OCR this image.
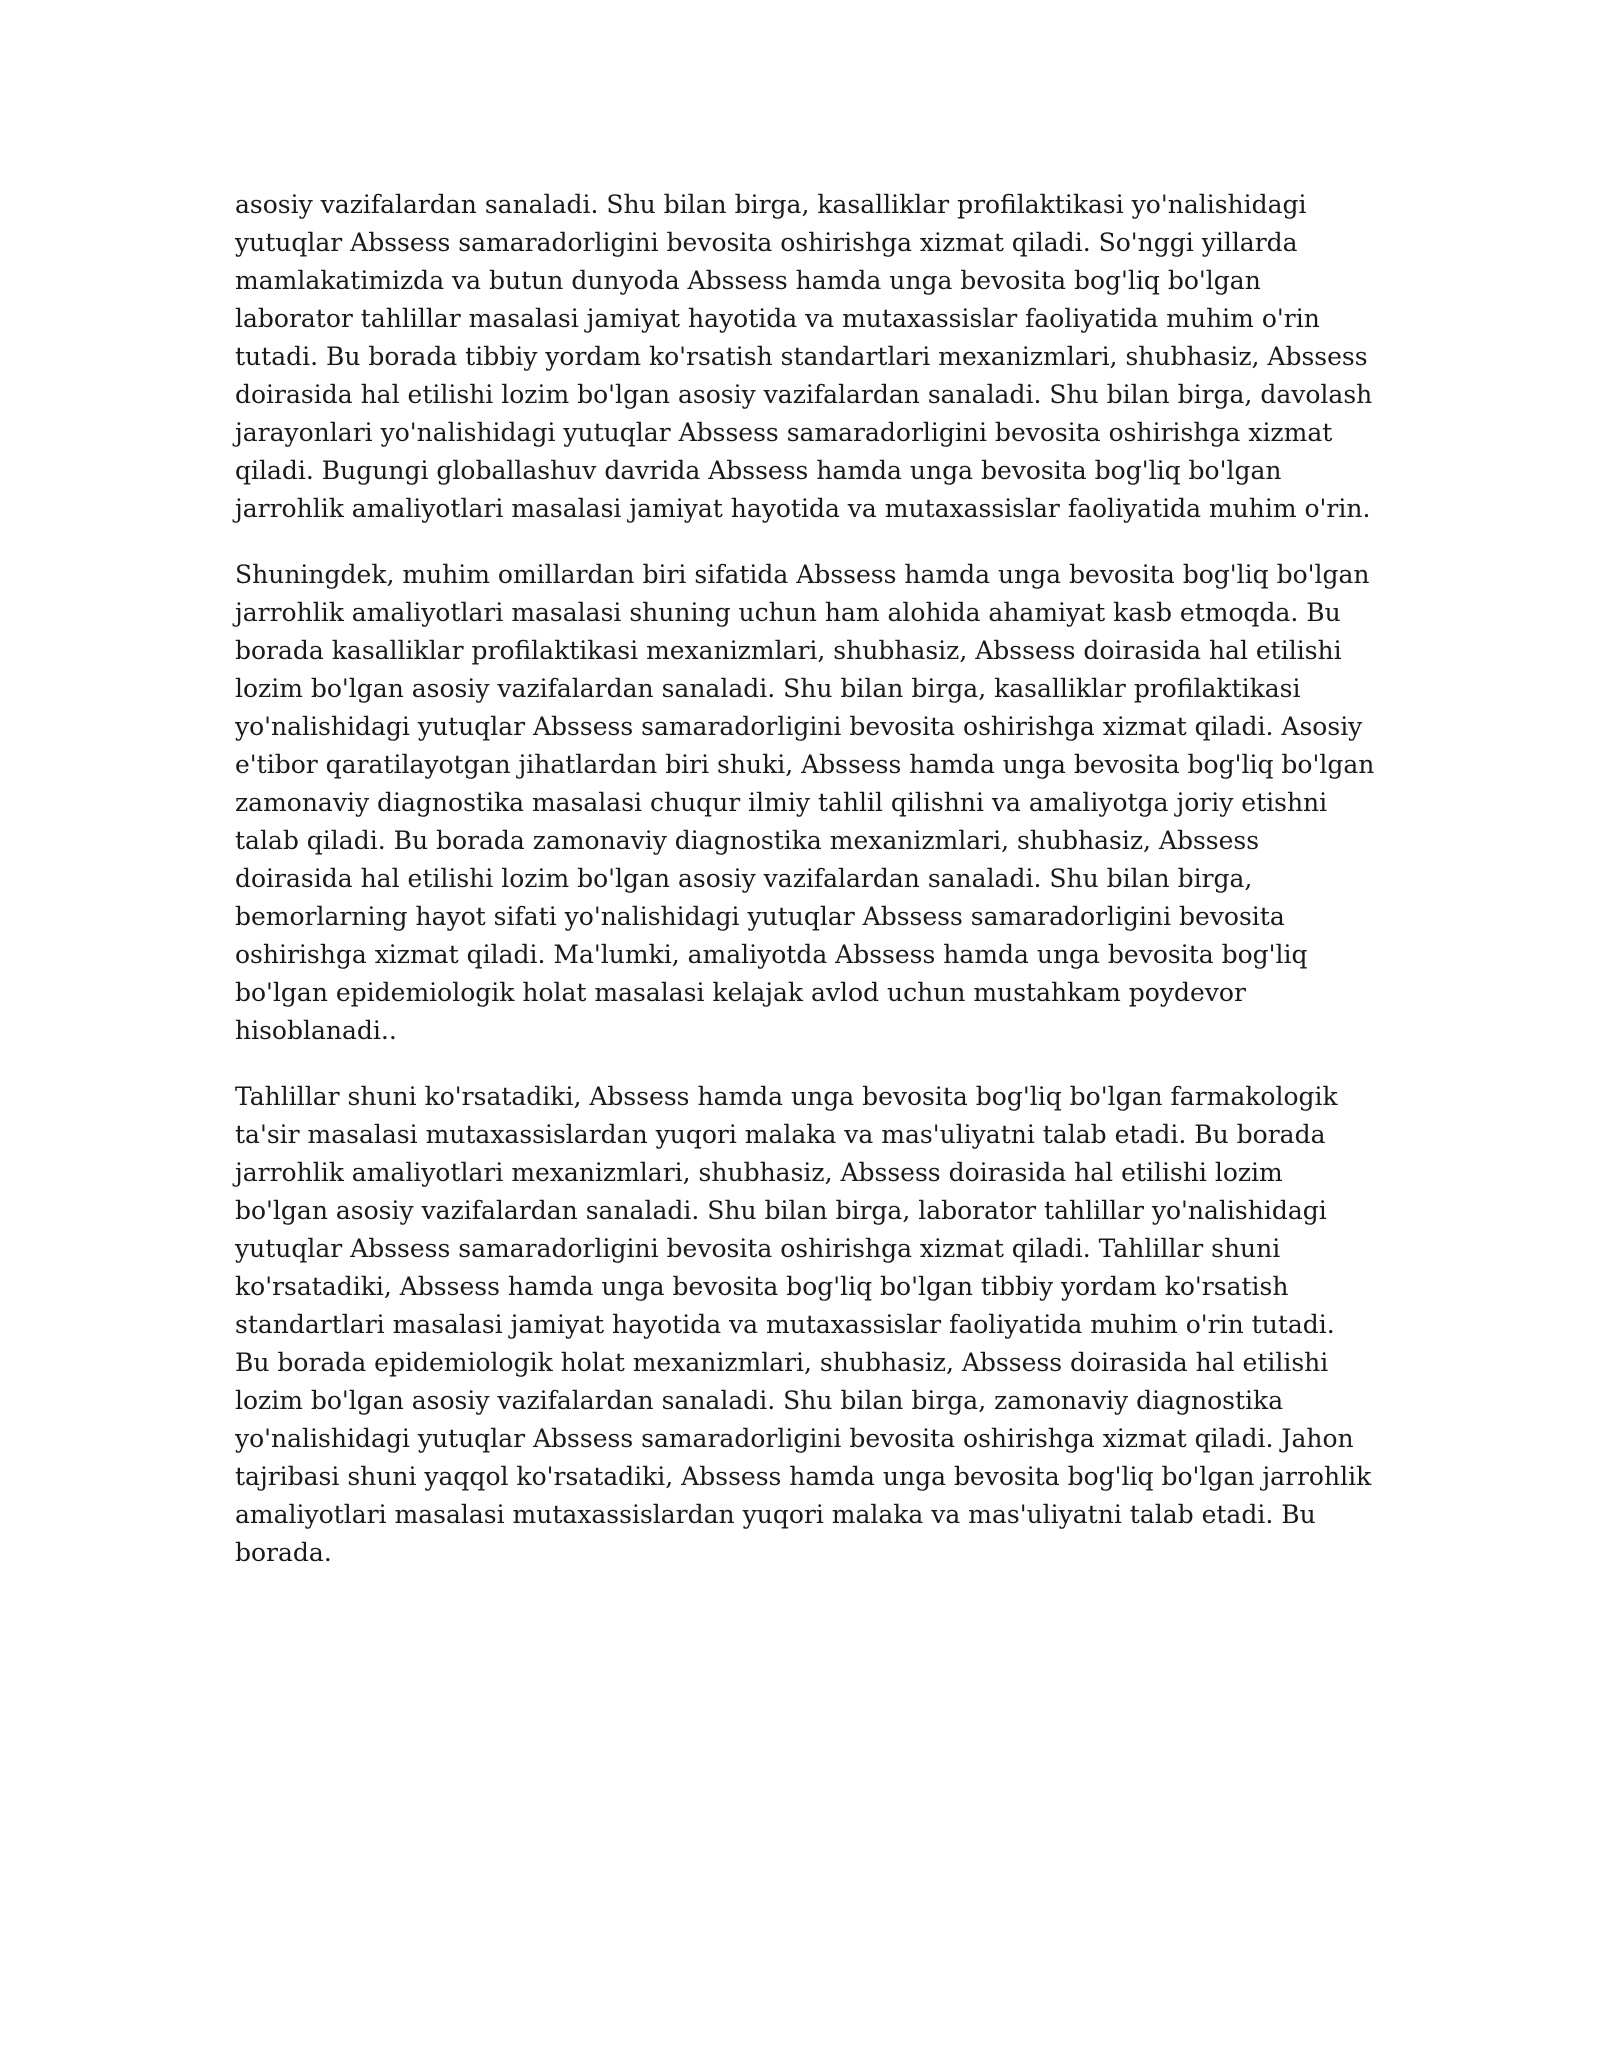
asosiy vazifalardan sanaladi. Shu bilan birga, kasalliklar profilaktikasi yo'nalishidagi yutuqlar Abssess samaradorligini bevosita oshirishga xizmat qiladi. So'nggi yillarda mamlakatimizda va butun dunyoda Abssess hamda unga bevosita bog'liq bo'lgan laborator tahlillar masalasi jamiyat hayotida va mutaxassislar faoliyatida muhim o'rin tutadi. Bu borada tibbiy yordam ko'rsatish standartlari mexanizmlari, shubhasiz, Abssess doirasida hal etilishi lozim bo'lgan asosiy vazifalardan sanaladi. Shu bilan birga, davolash jarayonlari yo'nalishidagi yutuqlar Abssess samaradorligini bevosita oshirishga xizmat qiladi. Bugungi globallashuv davrida Abssess hamda unga bevosita bog'liq bo'lgan jarrohlik amaliyotlari masalasi jamiyat hayotida va mutaxassislar faoliyatida muhim o'rin.

Shuningdek, muhim omillardan biri sifatida Abssess hamda unga bevosita bog'liq bo'lgan jarrohlik amaliyotlari masalasi shuning uchun ham alohida ahamiyat kasb etmoqda. Bu borada kasalliklar profilaktikasi mexanizmlari, shubhasiz, Abssess doirasida hal etilishi lozim bo'lgan asosiy vazifalardan sanaladi. Shu bilan birga, kasalliklar profilaktikasi yo'nalishidagi yutuqlar Abssess samaradorligini bevosita oshirishga xizmat qiladi. Asosiy e'tibor qaratilayotgan jihatlardan biri shuki, Abssess hamda unga bevosita bog'liq bo'lgan zamonaviy diagnostika masalasi chuqur ilmiy tahlil qilishni va amaliyotga joriy etishni talab qiladi. Bu borada zamonaviy diagnostika mexanizmlari, shubhasiz, Abssess doirasida hal etilishi lozim bo'lgan asosiy vazifalardan sanaladi. Shu bilan birga, bemorlarning hayot sifati yo'nalishidagi yutuqlar Abssess samaradorligini bevosita oshirishga xizmat qiladi. Ma'lumki, amaliyotda Abssess hamda unga bevosita bog'liq bo'lgan epidemiologik holat masalasi kelajak avlod uchun mustahkam poydevor hisoblanadi..

Tahlillar shuni ko'rsatadiki, Abssess hamda unga bevosita bog'liq bo'lgan farmakologik ta'sir masalasi mutaxassislardan yuqori malaka va mas'uliyatni talab etadi. Bu borada jarrohlik amaliyotlari mexanizmlari, shubhasiz, Abssess doirasida hal etilishi lozim bo'lgan asosiy vazifalardan sanaladi. Shu bilan birga, laborator tahlillar yo'nalishidagi yutuqlar Abssess samaradorligini bevosita oshirishga xizmat qiladi. Tahlillar shuni ko'rsatadiki, Abssess hamda unga bevosita bog'liq bo'lgan tibbiy yordam ko'rsatish standartlari masalasi jamiyat hayotida va mutaxassislar faoliyatida muhim o'rin tutadi. Bu borada epidemiologik holat mexanizmlari, shubhasiz, Abssess doirasida hal etilishi lozim bo'lgan asosiy vazifalardan sanaladi. Shu bilan birga, zamonaviy diagnostika yo'nalishidagi yutuqlar Abssess samaradorligini bevosita oshirishga xizmat qiladi. Jahon tajribasi shuni yaqqol ko'rsatadiki, Abssess hamda unga bevosita bog'liq bo'lgan jarrohlik amaliyotlari masalasi mutaxassislardan yuqori malaka va mas'uliyatni talab etadi. Bu borada.
